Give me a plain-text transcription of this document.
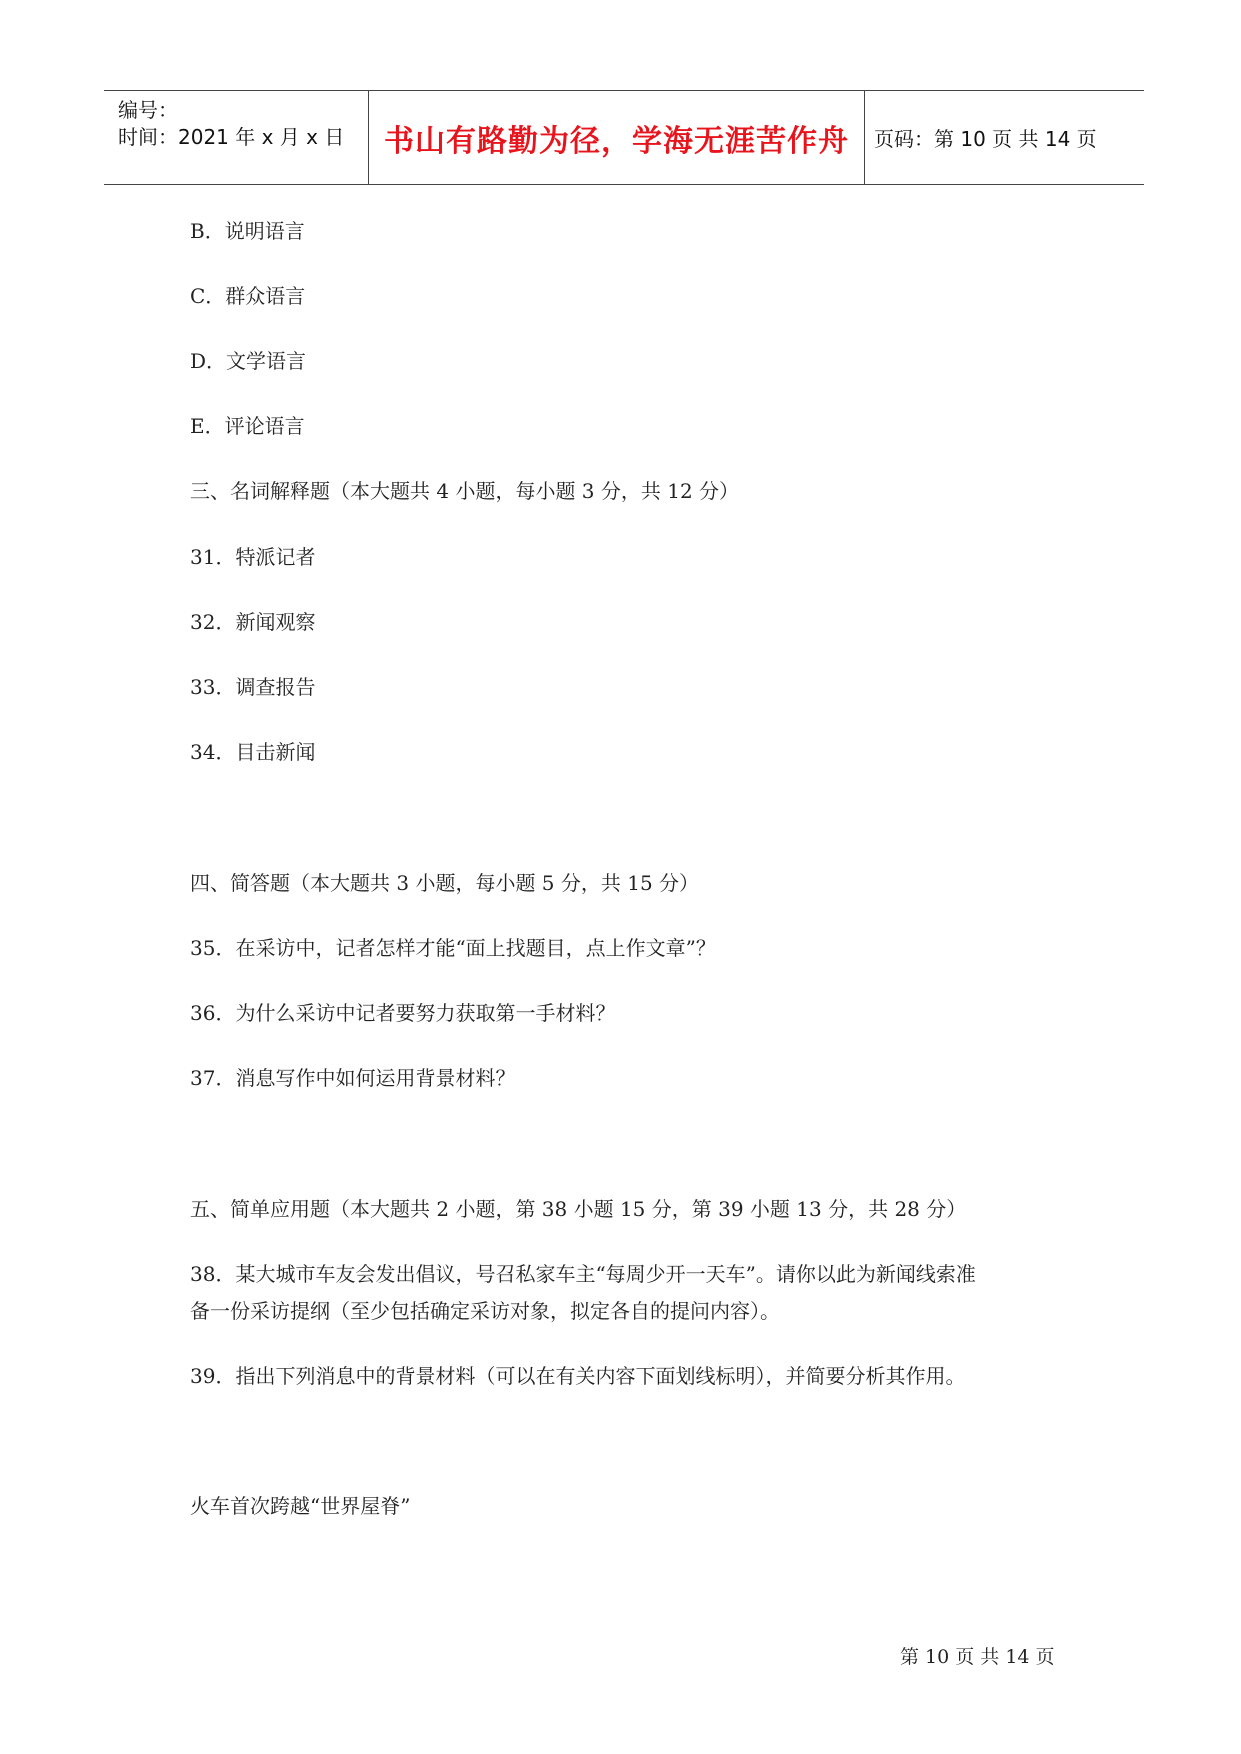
编号：
时间：2021 年 x 月 x 日	书山有路勤为径，学海无涯苦作舟	页码：第 10 页 共 14 页
B．说明语言
C．群众语言
D．文学语言
E．评论语言
三、名词解释题（本大题共 4 小题，每小题 3 分，共 12 分）
31．特派记者
32．新闻观察
33．调查报告
34．目击新闻
四、简答题（本大题共 3 小题，每小题 5 分，共 15 分）
35．在采访中，记者怎样才能“面上找题目，点上作文章”？
36．为什么采访中记者要努力获取第一手材料？
37．消息写作中如何运用背景材料？
五、简单应用题（本大题共 2 小题，第 38 小题 15 分，第 39 小题 13 分，共 28 分）
38．某大城市车友会发出倡议，号召私家车主“每周少开一天车”。请你以此为新闻线索准
备一份采访提纲（至少包括确定采访对象，拟定各自的提问内容）。
39．指出下列消息中的背景材料（可以在有关内容下面划线标明），并简要分析其作用。
火车首次跨越“世界屋脊”
第 10 页 共 14 页
